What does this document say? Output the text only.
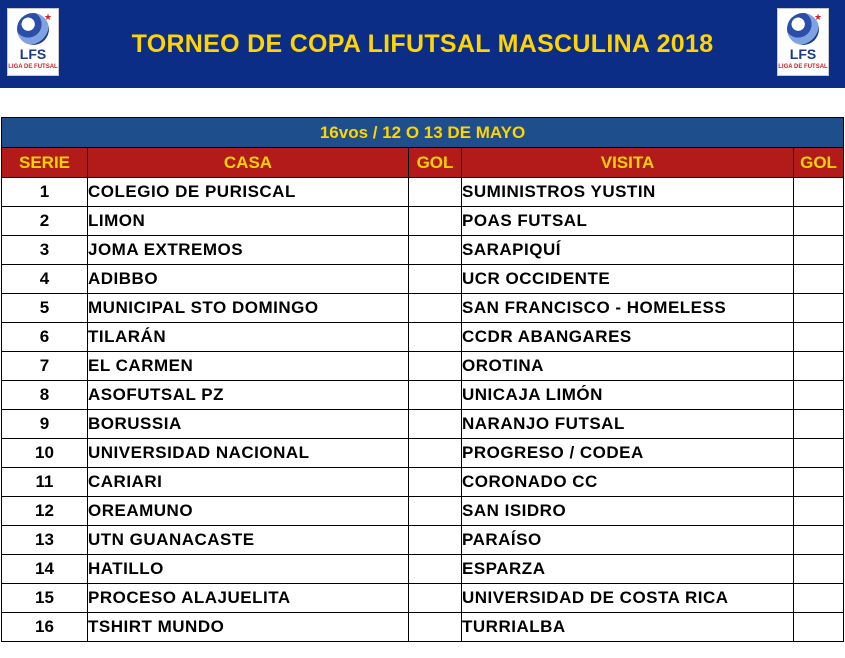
★
LFS
LIGA DE FUTSAL
TORNEO DE COPA LIFUTSAL MASCULINA 2018
★
LFS
LIGA DE FUTSAL
16vos / 12 O 13 DE MAYO				
SERIE	CASA	GOL	VISITA	GOL
1	COLEGIO DE PURISCAL		SUMINISTROS YUSTIN	
2	LIMON		POAS FUTSAL	
3	JOMA EXTREMOS		SARAPIQUÍ	
4	ADIBBO		UCR OCCIDENTE	
5	MUNICIPAL STO DOMINGO		SAN FRANCISCO - HOMELESS	
6	TILARÁN		CCDR ABANGARES	
7	EL CARMEN		OROTINA	
8	ASOFUTSAL PZ		UNICAJA LIMÓN	
9	BORUSSIA		NARANJO FUTSAL	
10	UNIVERSIDAD NACIONAL		PROGRESO / CODEA	
11	CARIARI		CORONADO CC	
12	OREAMUNO		SAN ISIDRO	
13	UTN GUANACASTE		PARAÍSO	
14	HATILLO		ESPARZA	
15	PROCESO ALAJUELITA		UNIVERSIDAD DE COSTA RICA	
16	TSHIRT MUNDO		TURRIALBA	
